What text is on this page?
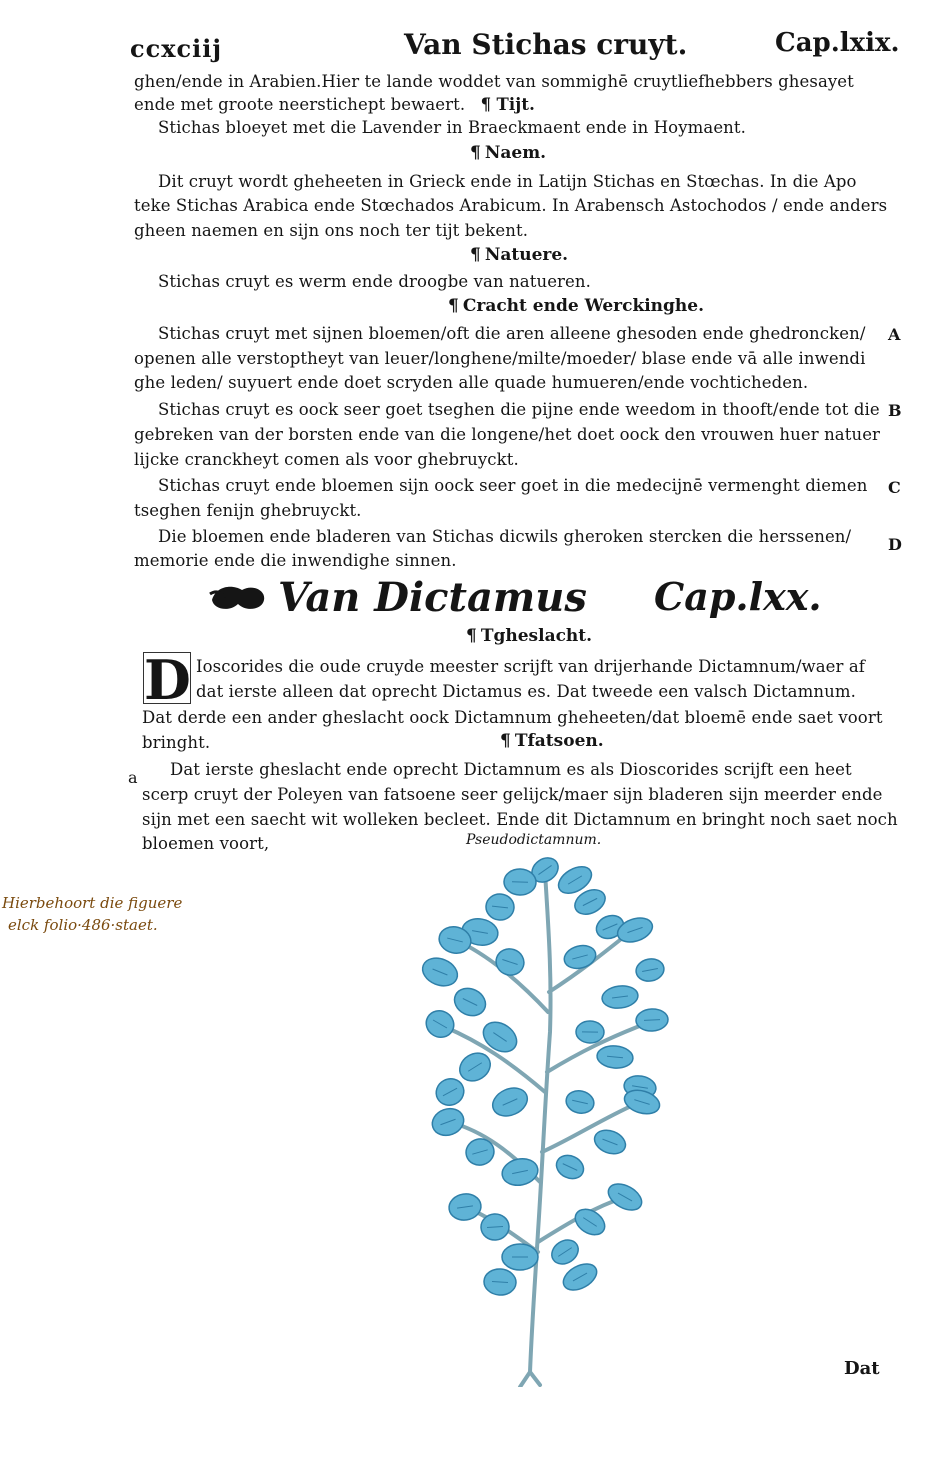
ccxciij	Van Stichas cruyt.	Cap.lxix.
ghen/ende in Arabien.Hier te lande woddet van sommighē cruytliefhebbers ghesayet
ende met groote neerstichept bewaert. ¶ Tijt.
Stichas bloeyet met die Lavender in Braeckmaent ende in Hoymaent.
¶ Naem.
Dit cruyt wordt gheheeten in Grieck ende in Latijn Stichas en Stœchas. In die Apo
teke Stichas Arabica ende Stœchados Arabicum. In Arabensch Astochodos / ende anders
gheen naemen en sijn ons noch ter tijt bekent.
¶ Natuere.
Stichas cruyt es werm ende droogbe van natueren.
¶ Cracht ende Werckinghe.
Stichas cruyt met sijnen bloemen/oft die aren alleene ghesoden ende ghedroncken/
openen alle verstoptheyt van leuer/longhene/milte/moeder/ blase ende vā alle inwendi
ghe leden/ suyuert ende doet scryden alle quade humueren/ende vochticheden.
Stichas cruyt es oock seer goet tseghen die pijne ende weedom in thooft/ende tot die
gebreken van der borsten ende van die longene/het doet oock den vrouwen huer natuer
lijcke cranckheyt comen als voor ghebruyckt.
Stichas cruyt ende bloemen sijn oock seer goet in die medecijnē vermenght diemen
tseghen fenijn ghebruyckt.
Die bloemen ende bladeren van Stichas dicwils gheroken stercken die herssenen/
memorie ende die inwendighe sinnen.
A
B
C
D
Van Dictamus Cap.lxx.
¶ Tgheslacht.
D Ioscorides die oude cruyde meester scrijft van drijerhande Dictamnum/waer af
dat ierste alleen dat oprecht Dictamus es. Dat tweede een valsch Dictamnum.
Dat derde een ander gheslacht oock Dictamnum gheheeten/dat bloemē ende saet voort
bringht.	¶ Tfatsoen.
a Dat ierste gheslacht ende oprecht Dictamnum es als Dioscorides scrijft een heet
scerp cruyt der Poleyen van fatsoene seer gelijck/maer sijn bladeren sijn meerder ende
sijn met een saecht wit wolleken becleet. Ende dit Dictamnum en bringht noch saet noch
bloemen voort,	Pseudodictamnum.
Hierbehoort die figuere
elck folio·486·staet.
Dat
